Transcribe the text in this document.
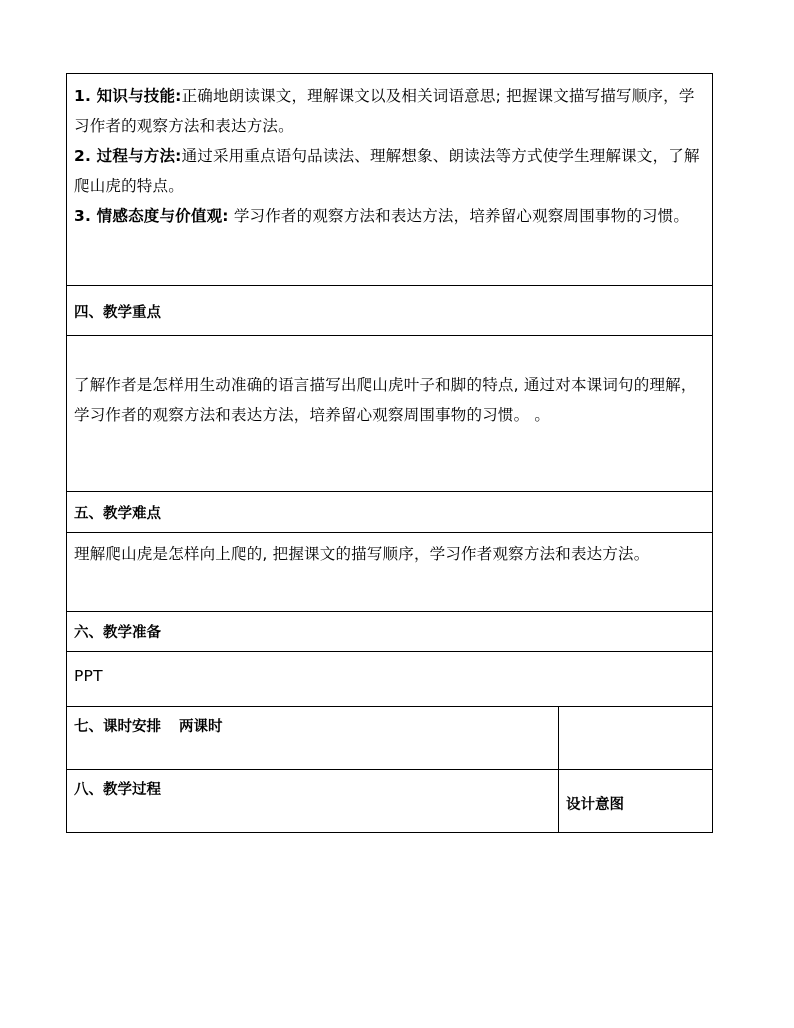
1. 知识与技能:正确地朗读课文，理解课文以及相关词语意思; 把握课文描写描写顺序，学习作者的观察方法和表达方法。

2. 过程与方法:通过采用重点语句品读法、理解想象、朗读法等方式使学生理解课文，了解爬山虎的特点。

3. 情感态度与价值观: 学习作者的观察方法和表达方法，培养留心观察周围事物的习惯。	

四、教学重点	

了解作者是怎样用生动准确的语言描写出爬山虎叶子和脚的特点, 通过对本课词句的理解，学习作者的观察方法和表达方法，培养留心观察周围事物的习惯。 。	

五、教学难点	

理解爬山虎是怎样向上爬的, 把握课文的描写顺序，学习作者观察方法和表达方法。	

六、教学准备	
PPT	
七、课时安排 两课时	
八、教学过程	设计意图
